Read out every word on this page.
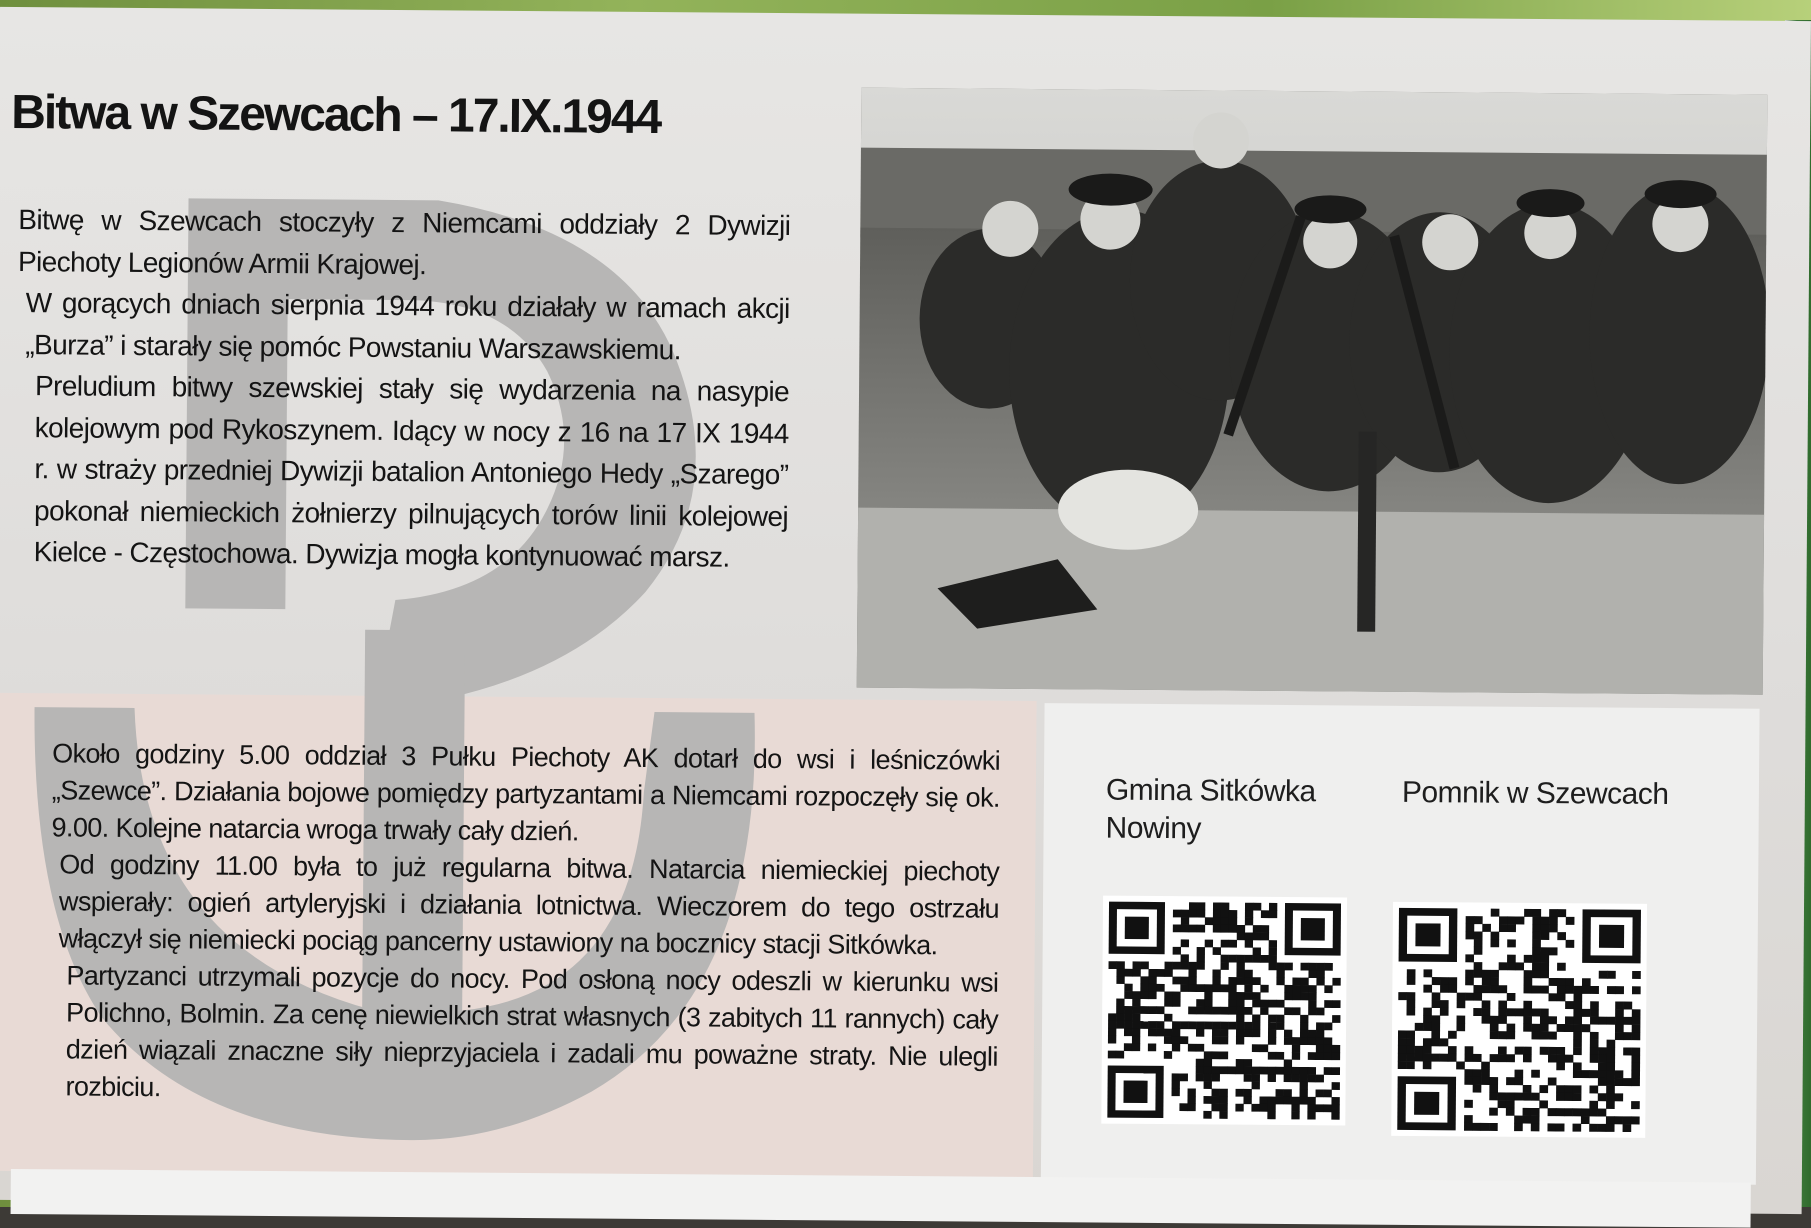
Bitwa w Szewcach – 17.IX.1944

Bitwę w Szewcach stoczyły z Niemcami oddziały 2 Dywizji Piechoty Legionów Armii Krajowej.

W gorących dniach sierpnia 1944 roku działały w ramach akcji „Burza” i starały się pomóc Powstaniu Warszawskiemu.

Preludium bitwy szewskiej stały się wydarzenia na nasypie kolejowym pod Rykoszynem. Idący w nocy z 16 na 17 IX 1944 r. w straży przedniej Dywizji batalion Antoniego Hedy „Szarego” pokonał niemieckich żołnierzy pilnujących torów linii kolejowej Kielce - Częstochowa. Dywizja mogła kontynuować marsz.

Około godziny 5.00 oddział 3 Pułku Piechoty AK dotarł do wsi i leśniczówki „Szewce”. Działania bojowe pomiędzy partyzantami a Niemcami rozpoczęły się ok. 9.00. Kolejne natarcia wroga trwały cały dzień.

Od godziny 11.00 była to już regularna bitwa. Natarcia niemieckiej piechoty wspierały: ogień artyleryjski i działania lotnictwa. Wieczorem do tego ostrzału włączył się niemiecki pociąg pancerny ustawiony na bocznicy stacji Sitkówka.

Partyzanci utrzymali pozycje do nocy. Pod osłoną nocy odeszli w kierunku wsi Polichno, Bolmin. Za cenę niewielkich strat własnych (3 zabitych 11 rannych) cały dzień wiązali znaczne siły nieprzyjaciela i zadali mu poważne straty. Nie ulegli rozbiciu.

Gmina Sitkówka
Nowiny
Pomnik w Szewcach
